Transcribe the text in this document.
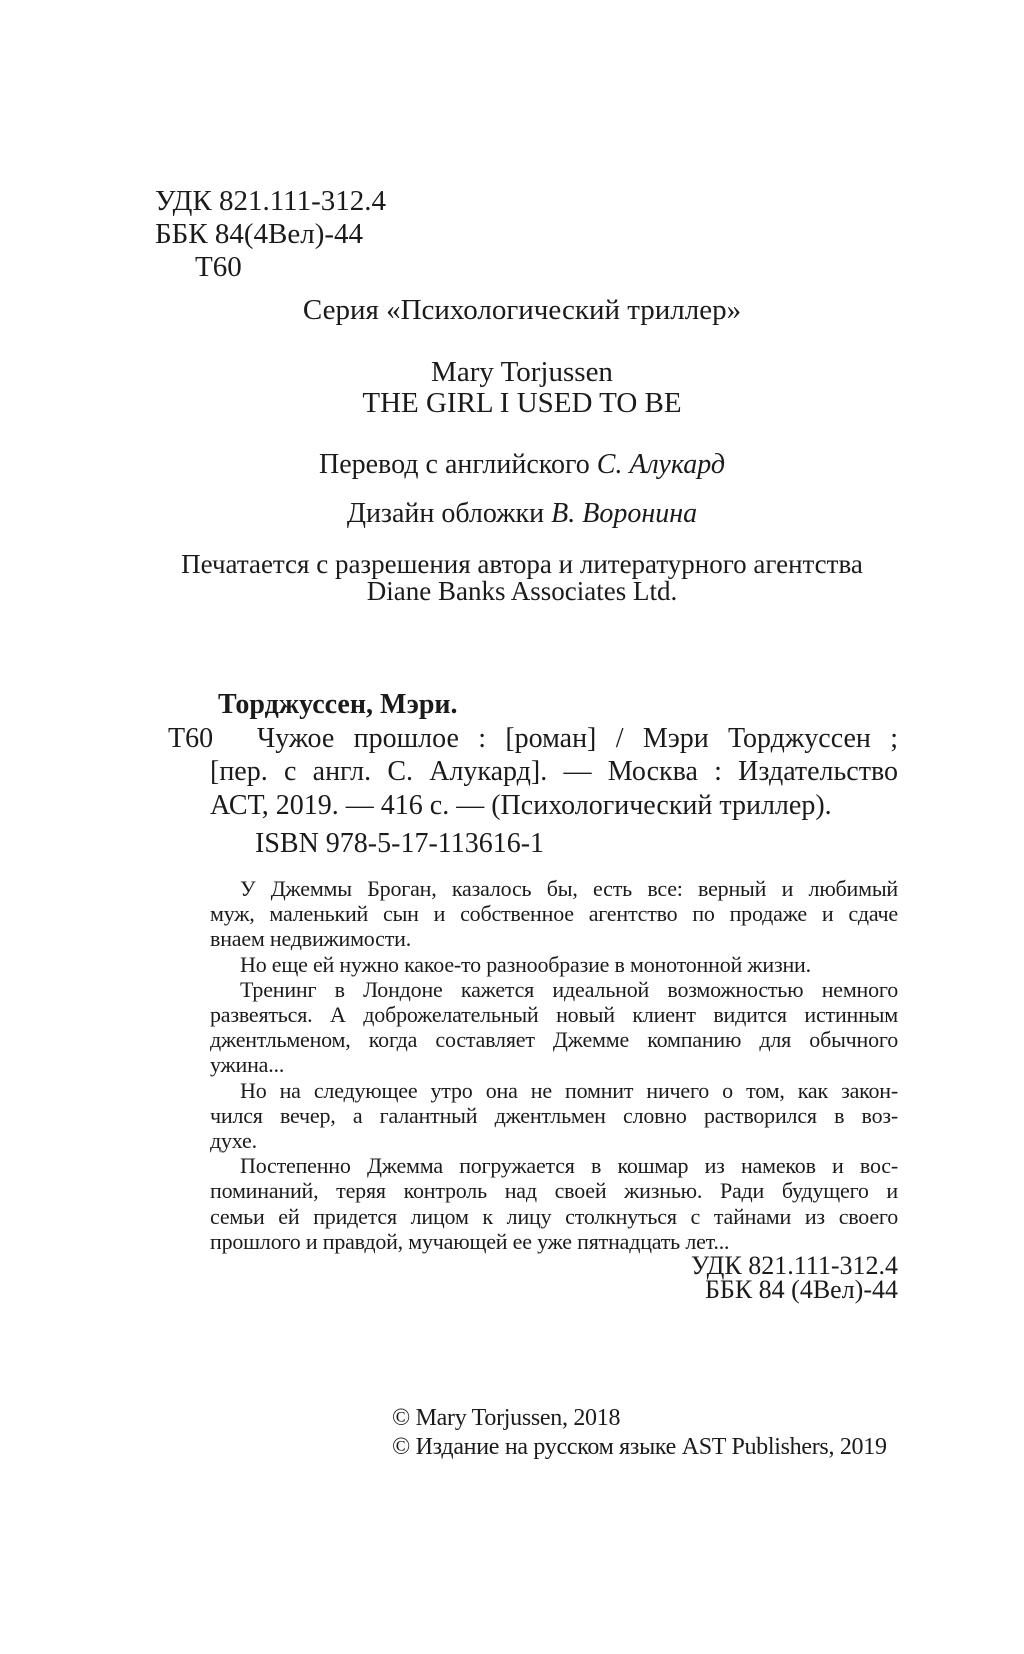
УДК 821.111-312.4
ББК 84(4Вел)-44
Т60
Серия «Психологический триллер»
Mary Torjussen
THE GIRL I USED TO BE
Перевод с английского С. Алукард
Дизайн обложки В. Воронина
Печатается с разрешения автора и литературного агентства
Diane Banks Associates Ltd.
Торджуссен, Мэри.
Т60 Чужое прошлое : [роман] / Мэри Торджуссен ;
[пер. с англ. С. Алукард]. — Москва : Издательство
АСТ, 2019. — 416 с. — (Психологический триллер).
ISBN 978-5-17-113616-1
У Джеммы Броган, казалось бы, есть все: верный и любимый
муж, маленький сын и собственное агентство по продаже и сдаче
внаем недвижимости.
Но еще ей нужно какое-то разнообразие в монотонной жизни.
Тренинг в Лондоне кажется идеальной возможностью немного
развеяться. А доброжелательный новый клиент видится истинным
джентльменом, когда составляет Джемме компанию для обычного
ужина...
Но на следующее утро она не помнит ничего о том, как закон-
чился вечер, а галантный джентльмен словно растворился в воз-
духе.
Постепенно Джемма погружается в кошмар из намеков и вос-
поминаний, теряя контроль над своей жизнью. Ради будущего и
семьи ей придется лицом к лицу столкнуться с тайнами из своего
прошлого и правдой, мучающей ее уже пятнадцать лет...
УДК 821.111-312.4
ББК 84 (4Вел)-44
© Mary Torjussen, 2018
© Издание на русском языке AST Publishers, 2019
